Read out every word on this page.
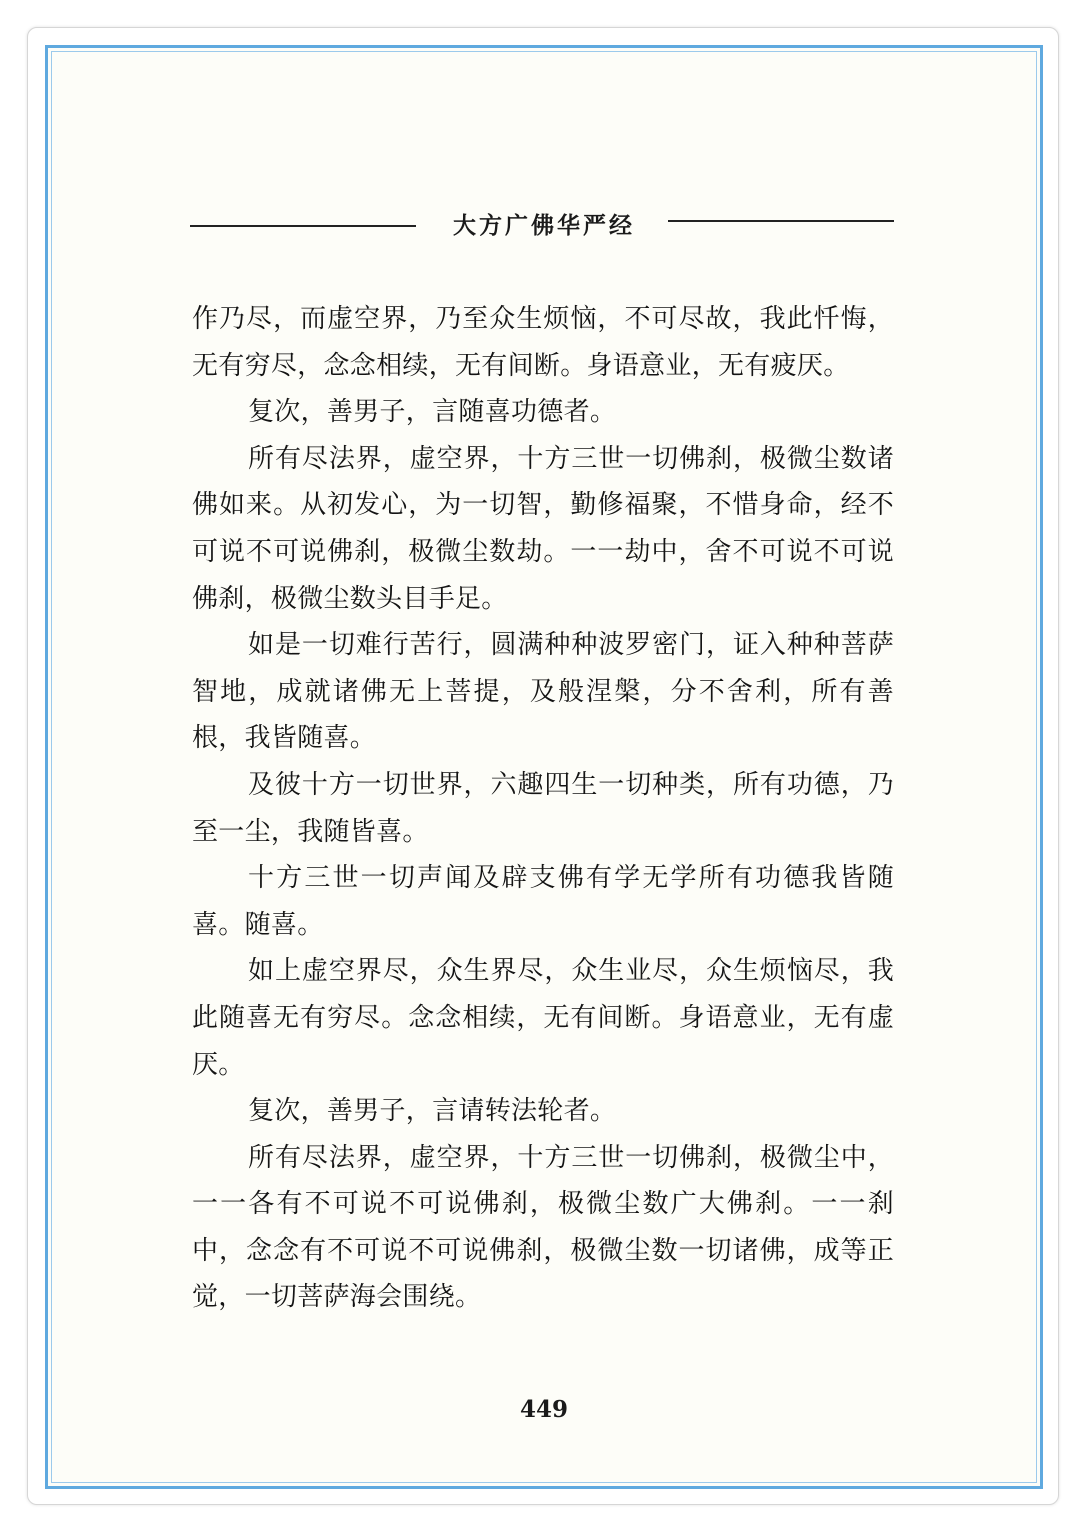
大方广佛华严经

作乃尽，而虚空界，乃至众生烦恼，不可尽故，我此忏悔，无有穷尽，念念相续，无有间断。身语意业，无有疲厌。

复次，善男子，言随喜功德者。

所有尽法界，虚空界，十方三世一切佛刹，极微尘数诸佛如来。从初发心，为一切智，勤修福聚，不惜身命，经不可说不可说佛刹，极微尘数劫。一一劫中，舍不可说不可说佛刹，极微尘数头目手足。

如是一切难行苦行，圆满种种波罗密门，证入种种菩萨智地，成就诸佛无上菩提，及般涅槃，分不舍利，所有善根，我皆随喜。

及彼十方一切世界，六趣四生一切种类，所有功德，乃至一尘，我随皆喜。

十方三世一切声闻及辟支佛有学无学所有功德我皆随喜。随喜。

如上虚空界尽，众生界尽，众生业尽，众生烦恼尽，我此随喜无有穷尽。念念相续，无有间断。身语意业，无有虚厌。

复次，善男子，言请转法轮者。

所有尽法界，虚空界，十方三世一切佛刹，极微尘中，一一各有不可说不可说佛刹，极微尘数广大佛刹。一一刹中，念念有不可说不可说佛刹，极微尘数一切诸佛，成等正觉，一切菩萨海会围绕。

449
